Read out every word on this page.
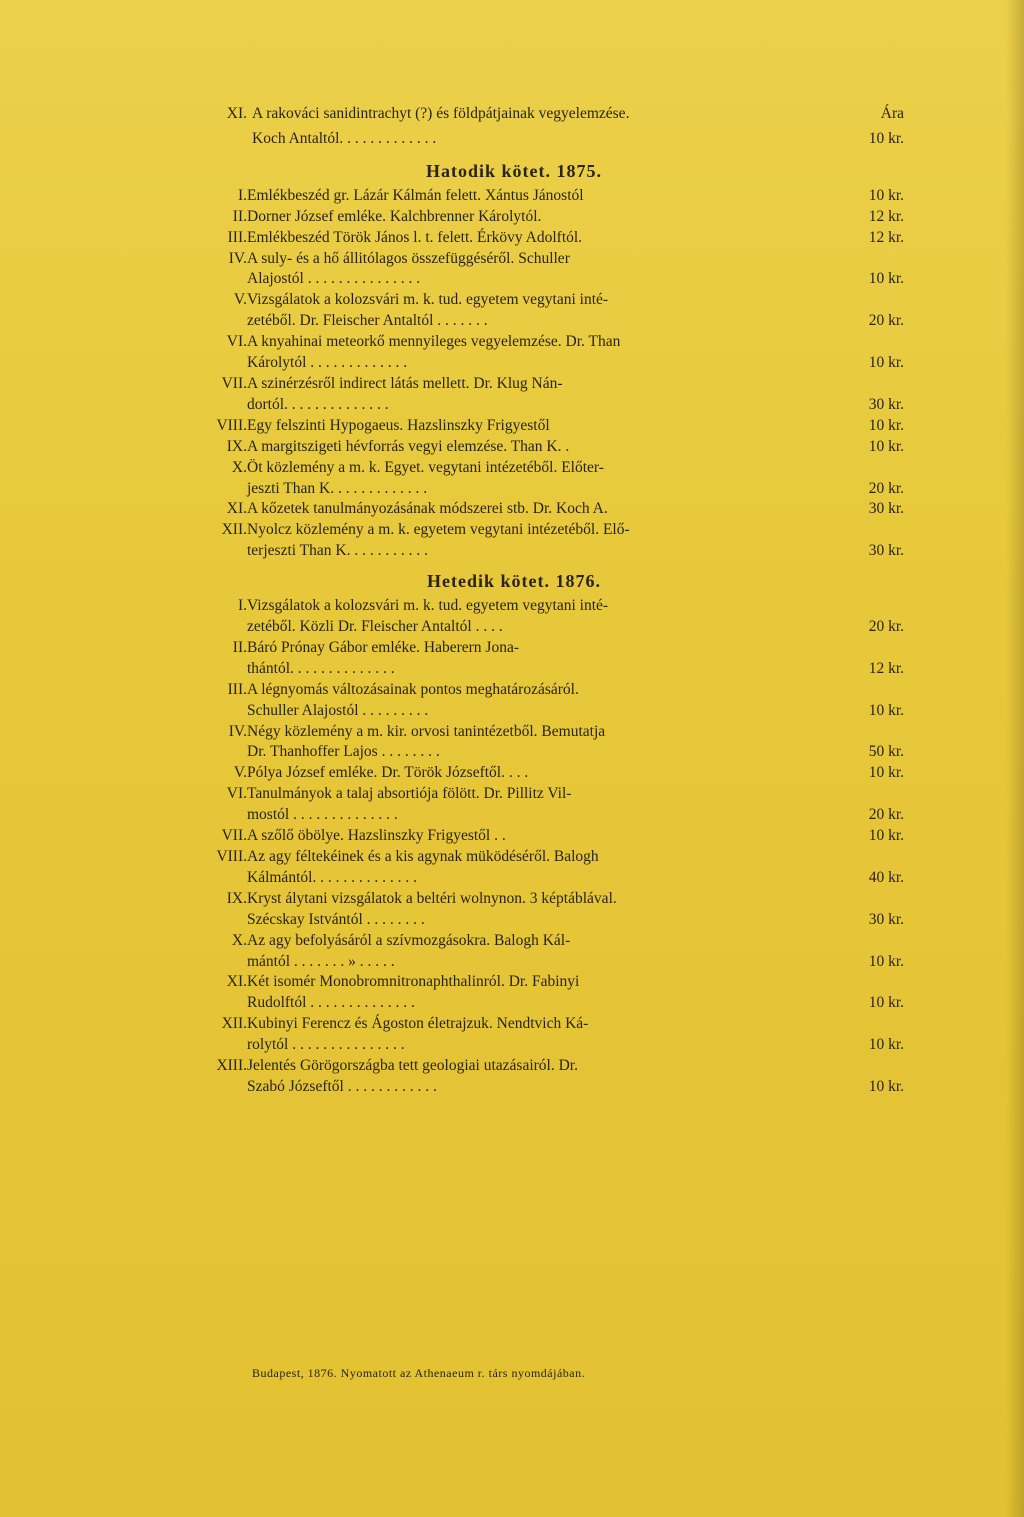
XI. A rakováci sanidintrachyt (?) és földpátjainak vegyelemzése.	Ára
Koch Antaltól. . . . . . . . . . . . .	10 kr.
Hatodik kötet. 1875.
I. Emlékbeszéd gr. Lázár Kálmán felett. Xántus Jánostól	10 kr.
II. Dorner József emléke. Kalchbrenner Károlytól.	12 kr.
III. Emlékbeszéd Török János l. t. felett. Érkövy Adolftól.	12 kr.
IV. A suly- és a hő állitólagos összefüggéséről. Schuller
Alajostól . . . . . . . . . . . . . . .	10 kr.
V. Vizsgálatok a kolozsvári m. k. tud. egyetem vegytani inté-
zetéből. Dr. Fleischer Antaltól . . . . . . .	20 kr.
VI. A knyahinai meteorkő mennyileges vegyelemzése. Dr. Than
Károlytól . . . . . . . . . . . . .	10 kr.
VII. A szinérzésről indirect látás mellett. Dr. Klug Nán-
dortól. . . . . . . . . . . . . .	30 kr.
VIII. Egy felszinti Hypogaeus. Hazslinszky Frigyestől	10 kr.
IX. A margitszigeti hévforrás vegyi elemzése. Than K. .	10 kr.
X. Öt közlemény a m. k. Egyet. vegytani intézetéből. Előter-
jeszti Than K. . . . . . . . . . . . .	20 kr.
XI. A kőzetek tanulmányozásának módszerei stb. Dr. Koch A.	30 kr.
XII. Nyolcz közlemény a m. k. egyetem vegytani intézetéből. Elő-
terjeszti Than K. . . . . . . . . . .	30 kr.
Hetedik kötet. 1876.
I. Vizsgálatok a kolozsvári m. k. tud. egyetem vegytani inté-
zetéből. Közli Dr. Fleischer Antaltól . . . .	20 kr.
II. Báró Prónay Gábor emléke. Haberern Jona-
thántól. . . . . . . . . . . . . .	12 kr.
III. A légnyomás változásainak pontos meghatározásáról.
Schuller Alajostól . . . . . . . . .	10 kr.
IV. Négy közlemény a m. kir. orvosi tanintézetből. Bemutatja
Dr. Thanhoffer Lajos . . . . . . . .	50 kr.
V. Pólya József emléke. Dr. Török Józseftől. . . .	10 kr.
VI. Tanulmányok a talaj absortiója fölött. Dr. Pillitz Vil-
mostól . . . . . . . . . . . . . .	20 kr.
VII. A szőlő öbölye. Hazslinszky Frigyestől . .	10 kr.
VIII. Az agy féltekéinek és a kis agynak müködéséről. Balogh
Kálmántól. . . . . . . . . . . . . .	40 kr.
IX. Kryst álytani vizsgálatok a beltéri wolnynon. 3 képtáblával.
Szécskay Istvántól . . . . . . . .	30 kr.
X. Az agy befolyásáról a szívmozgásokra. Balogh Kál-
mántól . . . . . . . » . . . . .	10 kr.
XI. Két isomér Monobromnitronaphthalinról. Dr. Fabinyi
Rudolftól . . . . . . . . . . . . . .	10 kr.
XII. Kubinyi Ferencz és Ágoston életrajzuk. Nendtvich Ká-
rolytól . . . . . . . . . . . . . . .	10 kr.
XIII. Jelentés Görögországba tett geologiai utazásairól. Dr.
Szabó Józseftől . . . . . . . . . . . .	10 kr.
Budapest, 1876. Nyomatott az Athenaeum r. társ nyomdájában.
